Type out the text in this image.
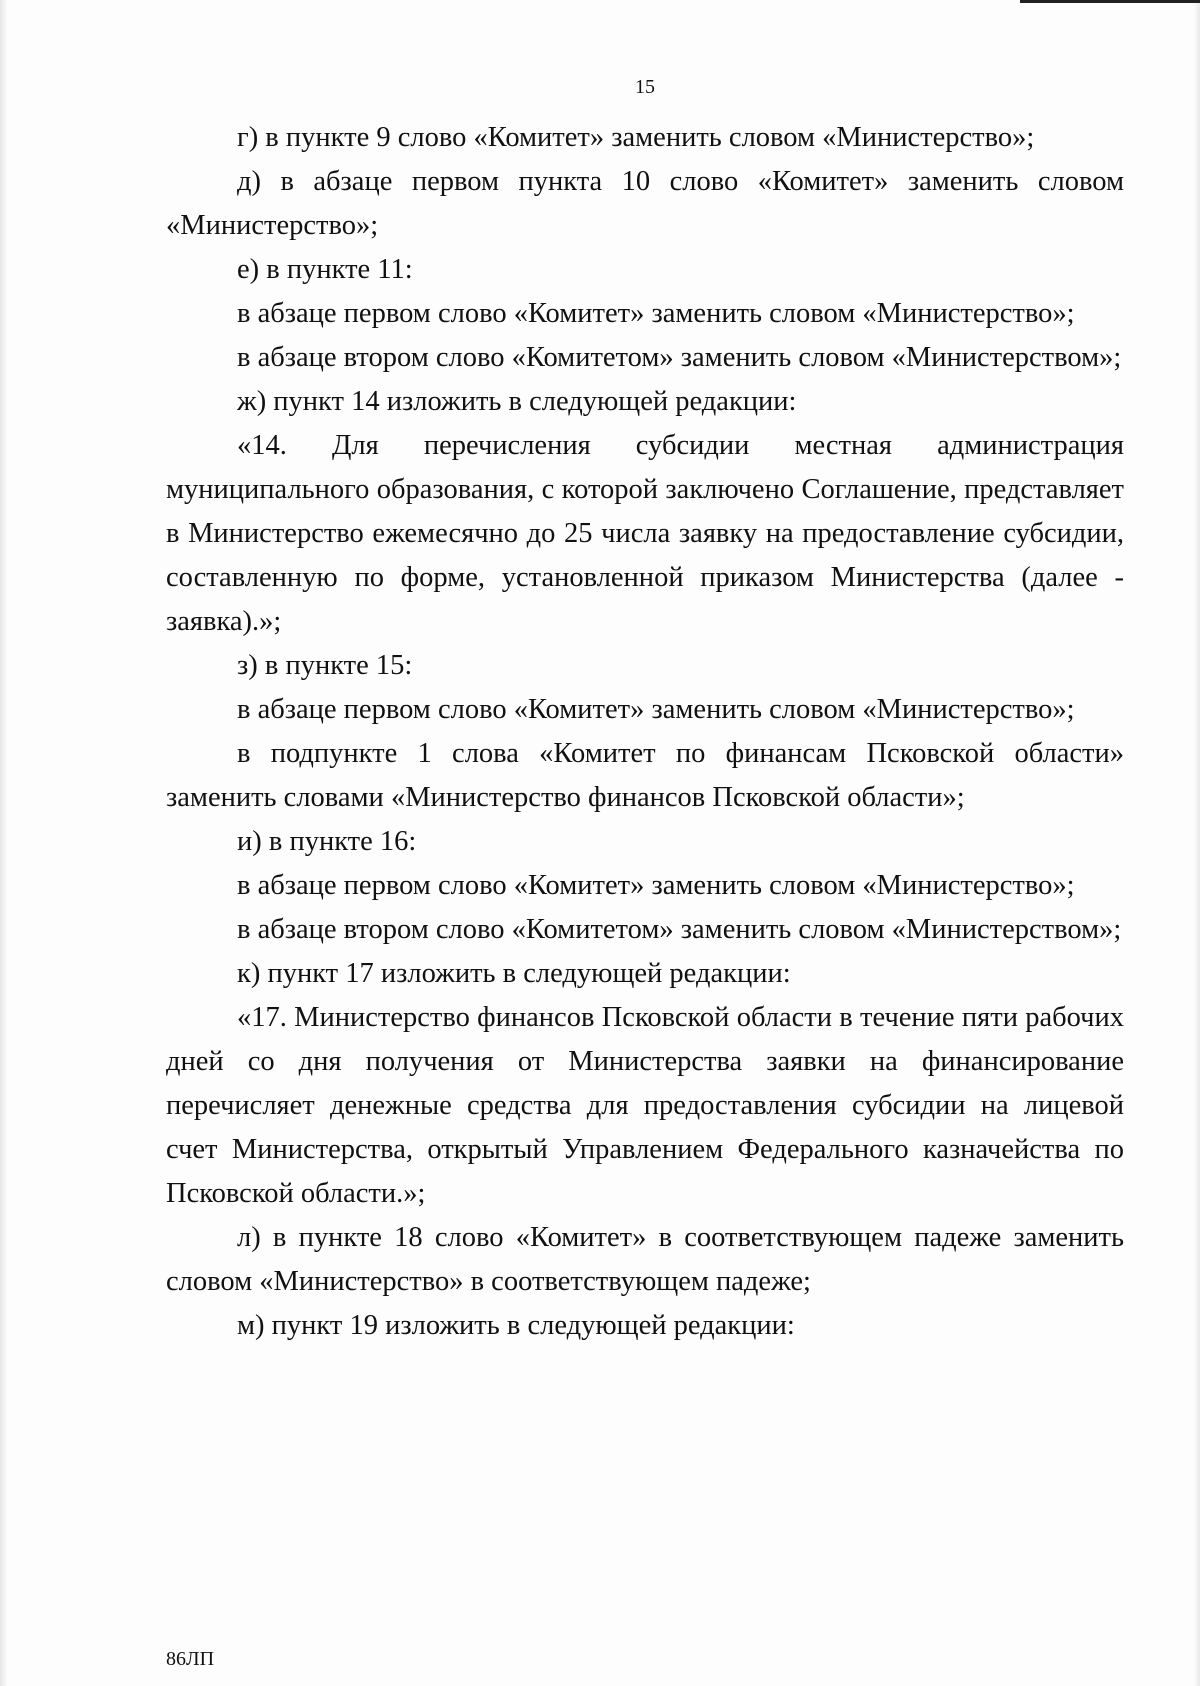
15

г) в пункте 9 слово «Комитет» заменить словом «Министерство»;

д) в абзаце первом пункта 10 слово «Комитет» заменить словом «Министерство»;

е) в пункте 11:

в абзаце первом слово «Комитет» заменить словом «Министерство»;

в абзаце втором слово «Комитетом» заменить словом «Министерством»;

ж) пункт 14 изложить в следующей редакции:

«14. Для перечисления субсидии местная администрация муниципального образования, с которой заключено Соглашение, представляет в Министерство ежемесячно до 25 числа заявку на предоставление субсидии, составленную по форме, установленной приказом Министерства (далее - заявка).»;

з) в пункте 15:

в абзаце первом слово «Комитет» заменить словом «Министерство»;

в подпункте 1 слова «Комитет по финансам Псковской области» заменить словами «Министерство финансов Псковской области»;

и) в пункте 16:

в абзаце первом слово «Комитет» заменить словом «Министерство»;

в абзаце втором слово «Комитетом» заменить словом «Министерством»;

к) пункт 17 изложить в следующей редакции:

«17. Министерство финансов Псковской области в течение пяти рабочих дней со дня получения от Министерства заявки на финансирование перечисляет денежные средства для предоставления субсидии на лицевой счет Министерства, открытый Управлением Федерального казначейства по Псковской области.»;

л) в пункте 18 слово «Комитет» в соответствующем падеже заменить словом «Министерство» в соответствующем падеже;

м) пункт 19 изложить в следующей редакции:

86ЛП
